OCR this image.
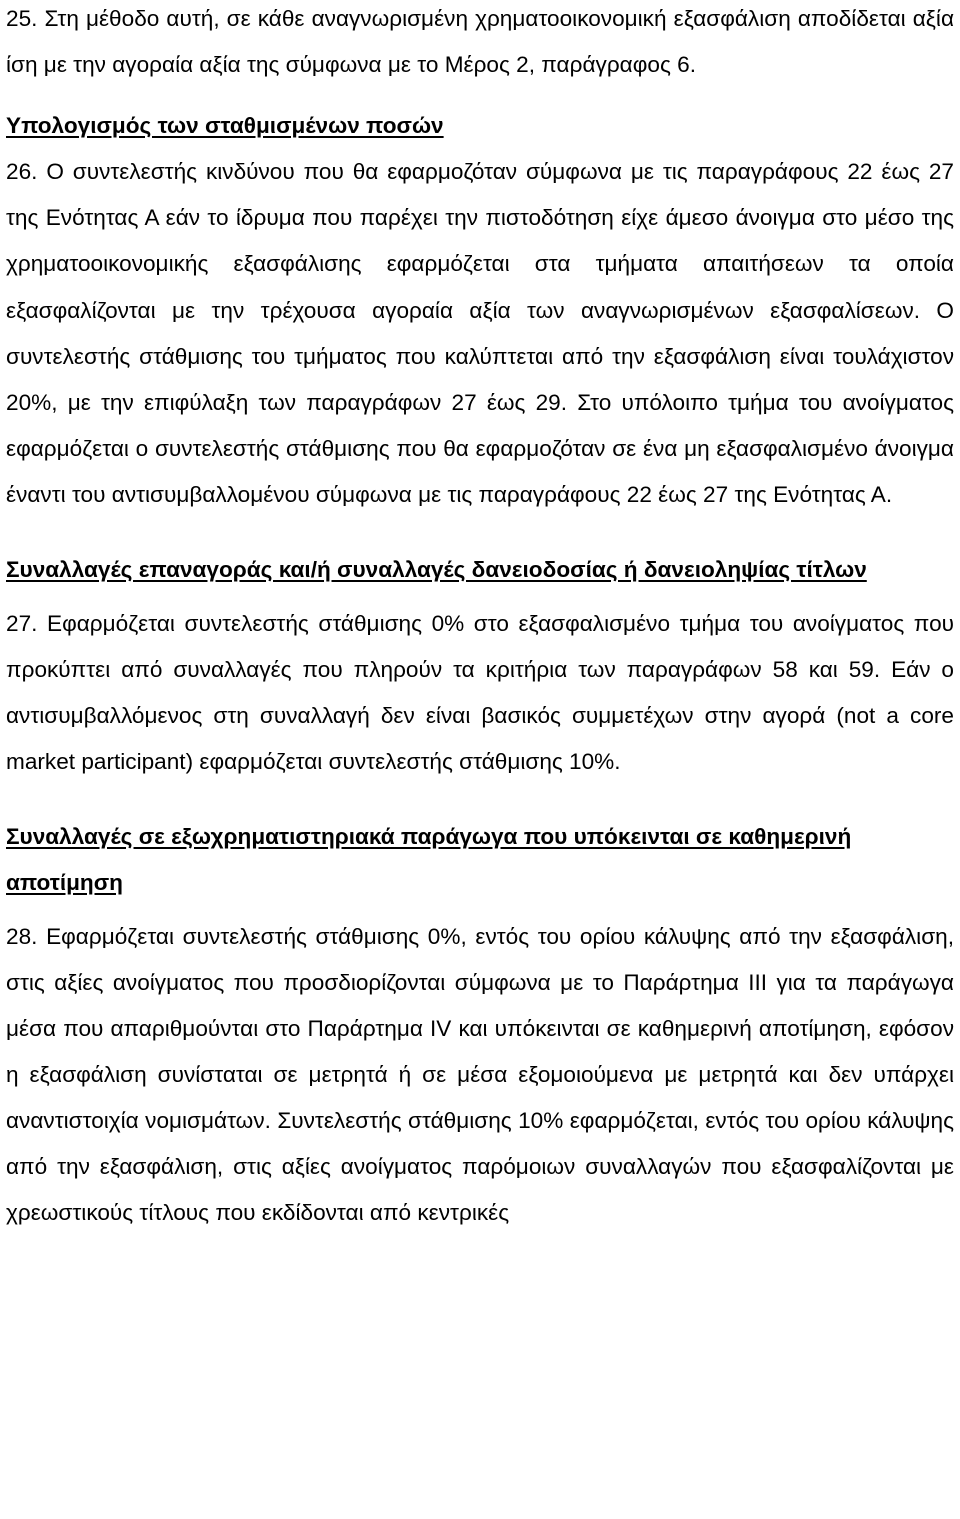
25. Στη μέθοδο αυτή, σε κάθε αναγνωρισμένη χρηματοοικονομική εξασφάλιση αποδίδεται αξία ίση με την αγοραία αξία της σύμφωνα με το Μέρος 2, παράγραφος 6.

Υπολογισμός των σταθμισμένων ποσών

26. Ο συντελεστής κινδύνου που θα εφαρμοζόταν σύμφωνα με τις παραγράφους 22 έως 27 της Ενότητας Α εάν το ίδρυμα που παρέχει την πιστοδότηση είχε άμεσο άνοιγμα στο μέσο της χρηματοοικονομικής εξασφάλισης εφαρμόζεται στα τμήματα απαιτήσεων τα οποία εξασφαλίζονται με την τρέχουσα αγοραία αξία των αναγνωρισμένων εξασφαλίσεων. Ο συντελεστής στάθμισης του τμήματος που καλύπτεται από την εξασφάλιση είναι τουλάχιστον 20%, με την επιφύλαξη των παραγράφων 27 έως 29. Στο υπόλοιπο τμήμα του ανοίγματος εφαρμόζεται ο συντελεστής στάθμισης που θα εφαρμοζόταν σε ένα μη εξασφαλισμένο άνοιγμα έναντι του αντισυμβαλλομένου σύμφωνα με τις παραγράφους 22 έως 27 της Ενότητας Α.

Συναλλαγές επαναγοράς και/ή συναλλαγές δανειοδοσίας ή δανειοληψίας τίτλων

27. Εφαρμόζεται συντελεστής στάθμισης 0% στο εξασφαλισμένο τμήμα του ανοίγματος που προκύπτει από συναλλαγές που πληρούν τα κριτήρια των παραγράφων 58 και 59. Εάν ο αντισυμβαλλόμενος στη συναλλαγή δεν είναι βασικός συμμετέχων στην αγορά (not a core market participant) εφαρμόζεται συντελεστής στάθμισης 10%.

Συναλλαγές σε εξωχρηματιστηριακά παράγωγα που υπόκεινται σε καθημερινή αποτίμηση

28. Εφαρμόζεται συντελεστής στάθμισης 0%, εντός του ορίου κάλυψης από την εξασφάλιση, στις αξίες ανοίγματος που προσδιορίζονται σύμφωνα με το Παράρτημα ΙΙΙ για τα παράγωγα μέσα που απαριθμούνται στο Παράρτημα IV και υπόκεινται σε καθημερινή αποτίμηση, εφόσον η εξασφάλιση συνίσταται σε μετρητά ή σε μέσα εξομοιούμενα με μετρητά και δεν υπάρχει αναντιστοιχία νομισμάτων. Συντελεστής στάθμισης 10% εφαρμόζεται, εντός του ορίου κάλυψης από την εξασφάλιση, στις αξίες ανοίγματος παρόμοιων συναλλαγών που εξασφαλίζονται με χρεωστικούς τίτλους που εκδίδονται από κεντρικές
